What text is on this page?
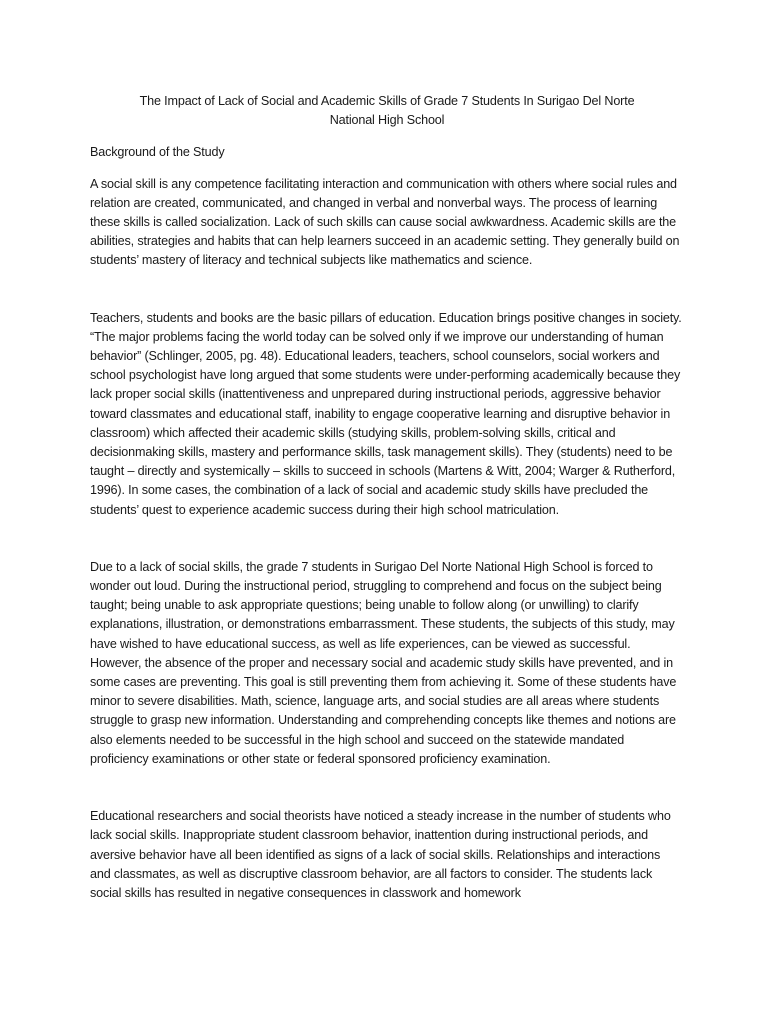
The Impact of Lack of Social and Academic Skills of Grade 7 Students In Surigao Del Norte
National High School
Background of the Study

A social skill is any competence facilitating interaction and communication with others where social rules and relation are created, communicated, and changed in verbal and nonverbal ways. The process of learning these skills is called socialization. Lack of such skills can cause social awkwardness. Academic skills are the abilities, strategies and habits that can help learners succeed in an academic setting. They generally build on students’ mastery of literacy and technical subjects like mathematics and science.

Teachers, students and books are the basic pillars of education. Education brings positive changes in society. “The major problems facing the world today can be solved only if we improve our understanding of human behavior” (Schlinger, 2005, pg. 48). Educational leaders, teachers, school counselors, social workers and school psychologist have long argued that some students were under-performing academically because they lack proper social skills (inattentiveness and unprepared during instructional periods, aggressive behavior toward classmates and educational staff, inability to engage cooperative learning and disruptive behavior in classroom) which affected their academic skills (studying skills, problem-solving skills, critical and decisionmaking skills, mastery and performance skills, task management skills). They (students) need to be taught – directly and systemically – skills to succeed in schools (Martens & Witt, 2004; Warger & Rutherford, 1996). In some cases, the combination of a lack of social and academic study skills have precluded the students’ quest to experience academic success during their high school matriculation.

Due to a lack of social skills, the grade 7 students in Surigao Del Norte National High School is forced to wonder out loud. During the instructional period, struggling to comprehend and focus on the subject being taught; being unable to ask appropriate questions; being unable to follow along (or unwilling) to clarify explanations, illustration, or demonstrations embarrassment. These students, the subjects of this study, may have wished to have educational success, as well as life experiences, can be viewed as successful. However, the absence of the proper and necessary social and academic study skills have prevented, and in some cases are preventing. This goal is still preventing them from achieving it. Some of these students have minor to severe disabilities. Math, science, language arts, and social studies are all areas where students struggle to grasp new information. Understanding and comprehending concepts like themes and notions are also elements needed to be successful in the high school and succeed on the statewide mandated proficiency examinations or other state or federal sponsored proficiency examination.

Educational researchers and social theorists have noticed a steady increase in the number of students who lack social skills. Inappropriate student classroom behavior, inattention during instructional periods, and aversive behavior have all been identified as signs of a lack of social skills. Relationships and interactions and classmates, as well as discruptive classroom behavior, are all factors to consider. The students lack social skills has resulted in negative consequences in classwork and homework
